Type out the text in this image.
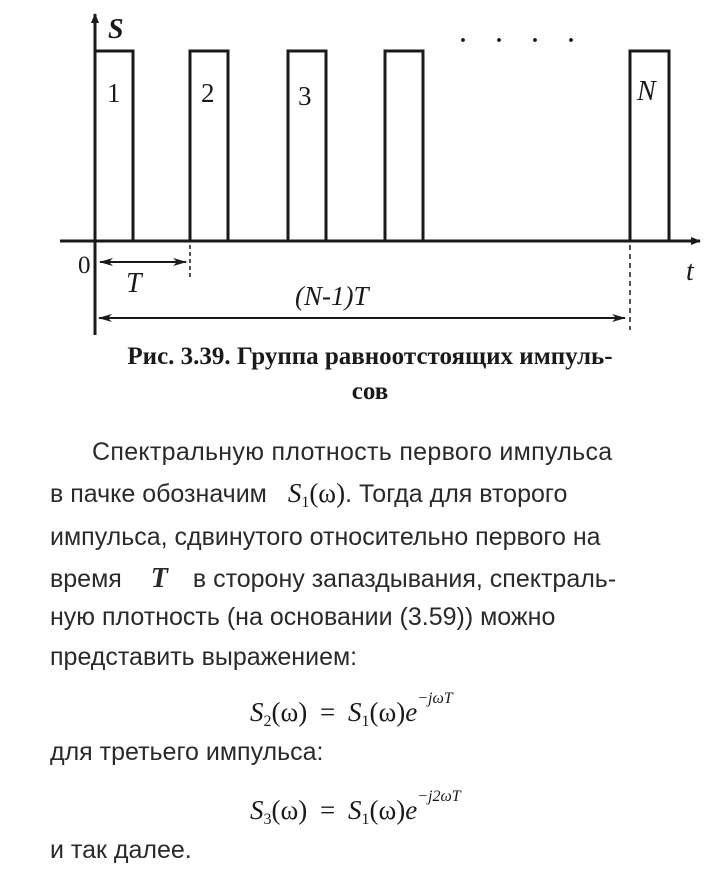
S
t
0
1	2	3	N
. . . .
T	(N-1)T
Рис. 3.39. Группа равноотстоящих импуль-
сов
Спектральную плотность первого импульса
в пачке обозначим $S_1(\omega)$. Тогда для второго
импульса, сдвинутого относительно первого на
время T в сторону запаздывания, спектраль-
ную плотность (на основании (3.59)) можно
представить выражением:
$S_2(\omega) = S_1(\omega)e^{-j\omega T}$
для третьего импульса:
$S_3(\omega) = S_1(\omega)e^{-j2\omega T}$
и так далее.
